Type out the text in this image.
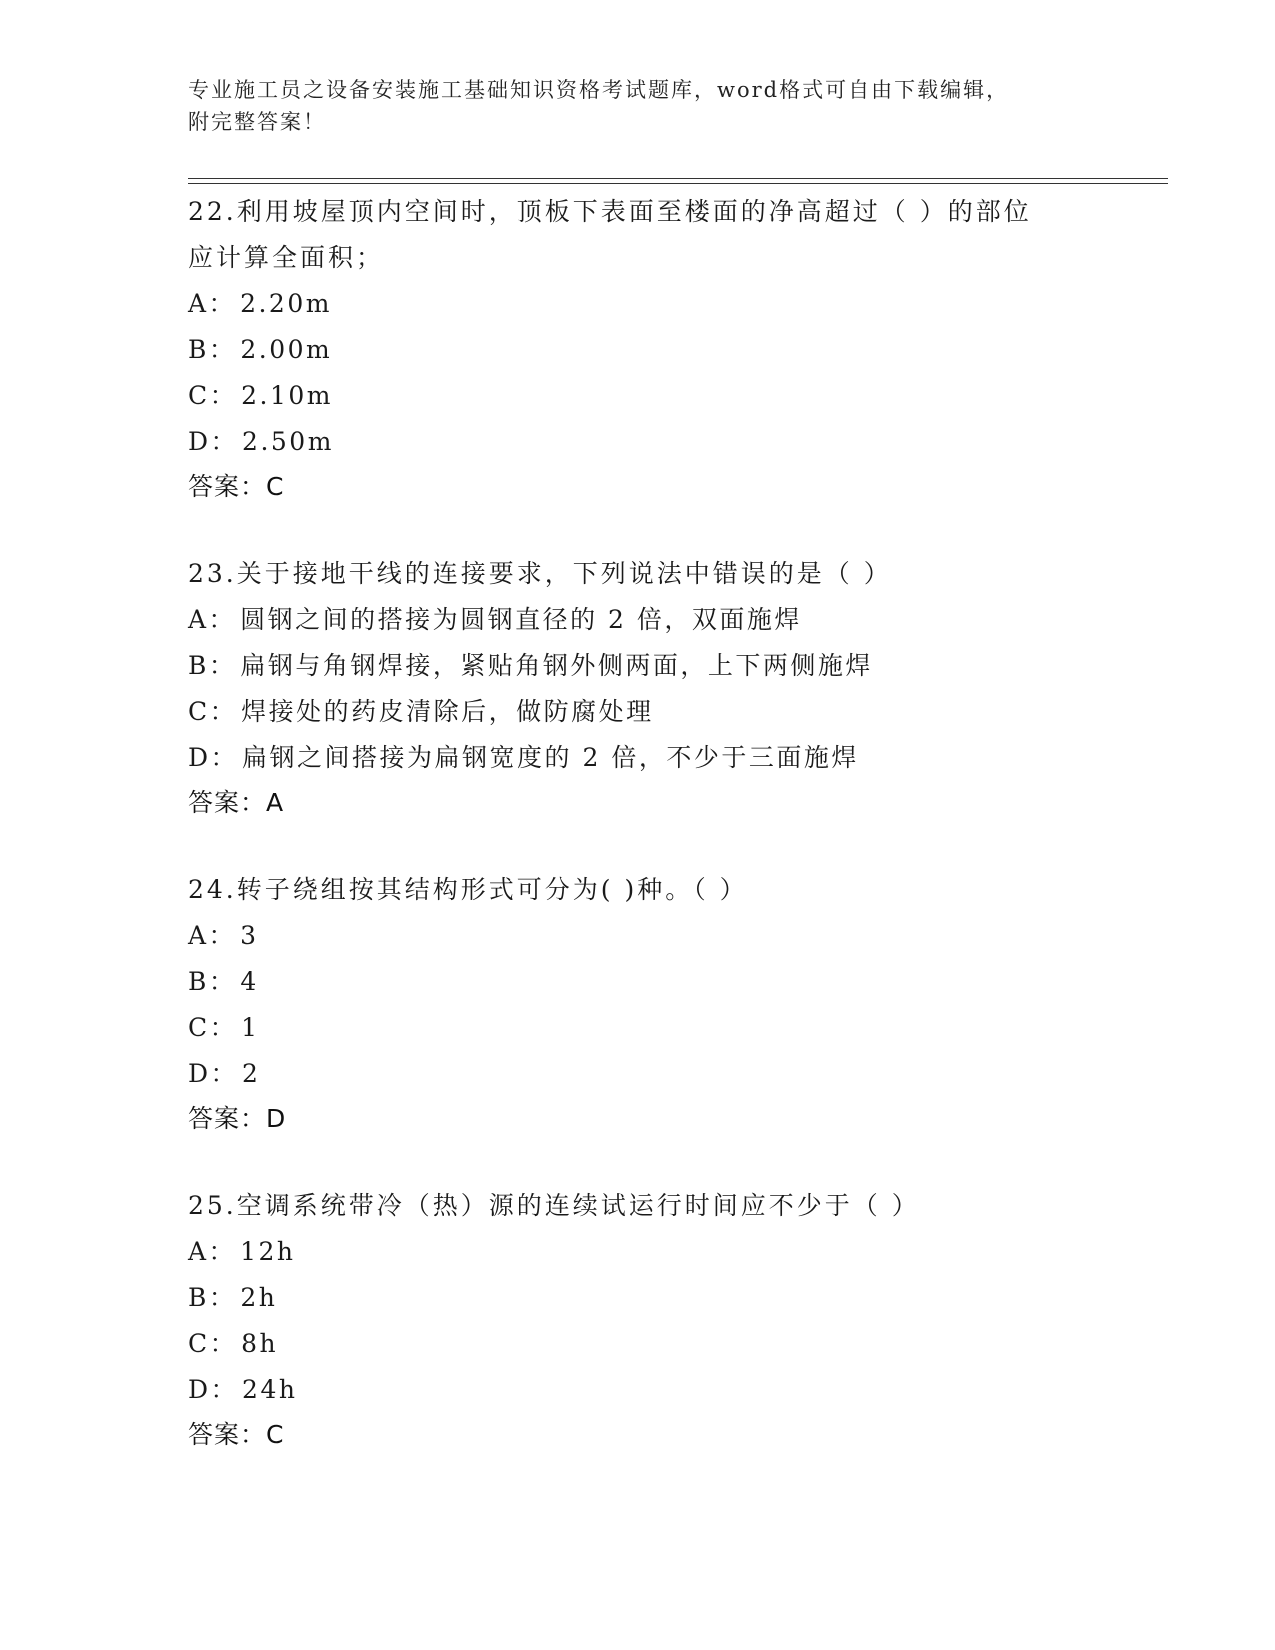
专业施工员之设备安装施工基础知识资格考试题库，word格式可自由下载编辑，
附完整答案！
22.利用坡屋顶内空间时，顶板下表面至楼面的净高超过（ ）的部位
应计算全面积；
A： 2.20m
B： 2.00m
C： 2.10m
D： 2.50m
答案：C
23.关于接地干线的连接要求，下列说法中错误的是（ ）
A： 圆钢之间的搭接为圆钢直径的 2 倍，双面施焊
B： 扁钢与角钢焊接，紧贴角钢外侧两面，上下两侧施焊
C： 焊接处的药皮清除后，做防腐处理
D： 扁钢之间搭接为扁钢宽度的 2 倍，不少于三面施焊
答案：A
24.转子绕组按其结构形式可分为( )种。（ ）
A： 3
B： 4
C： 1
D： 2
答案：D
25.空调系统带冷（热）源的连续试运行时间应不少于（ ）
A： 12h
B： 2h
C： 8h
D： 24h
答案：C
